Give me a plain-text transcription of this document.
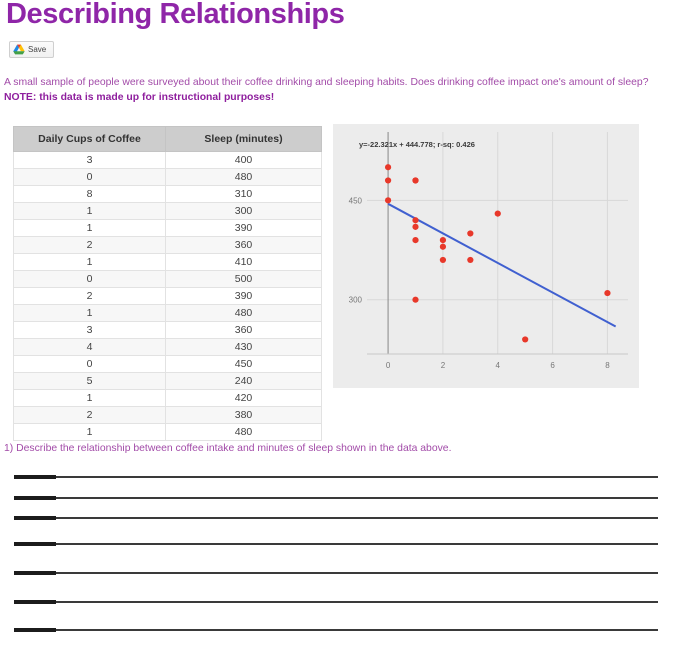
Describing Relationships
Save
A small sample of people were surveyed about their coffee drinking and sleeping habits. Does drinking coffee impact one's amount of sleep? NOTE: this data is made up for instructional purposes!
Daily Cups of Coffee	Sleep (minutes)
3	400
0	480
8	310
1	300
1	390
2	360
1	410
0	500
2	390
1	480
3	360
4	430
0	450
5	240
1	420
2	380
1	480
0	2	4	6	8
300
450
y=-22.321x + 444.778; r-sq: 0.426
1) Describe the relationship between coffee intake and minutes of sleep shown in the data above.
